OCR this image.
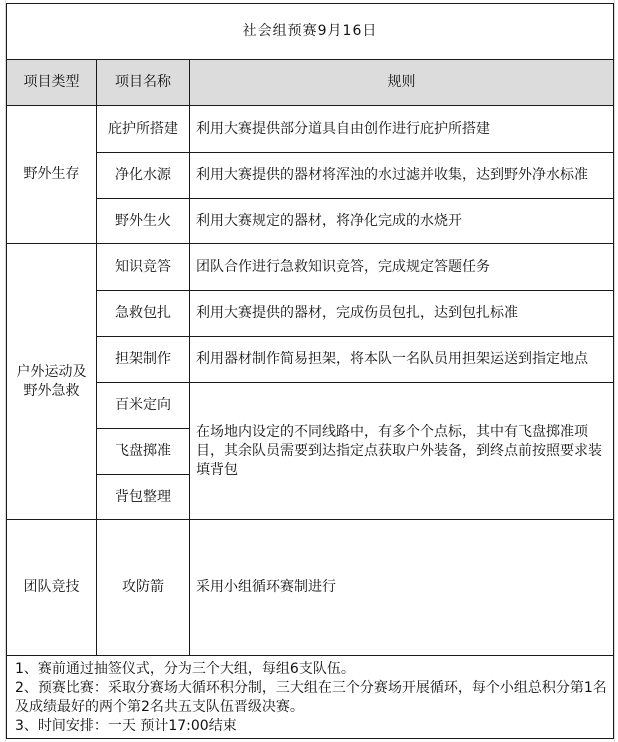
社会组预赛9月16日		
项目类型	项目名称	规则
野外生存	庇护所搭建	利用大赛提供部分道具自由创作进行庇护所搭建
	净化水源	利用大赛提供的器材将浑浊的水过滤并收集，达到野外净水标准
	野外生火	利用大赛规定的器材，将净化完成的水烧开
户外运动及野外急救	知识竞答	团队合作进行急救知识竞答，完成规定答题任务
	急救包扎	利用大赛提供的器材，完成伤员包扎，达到包扎标准
	担架制作	利用器材制作简易担架，将本队一名队员用担架运送到指定地点
	百米定向	在场地内设定的不同线路中，有多个个点标，其中有飞盘掷准项目，其余队员需要到达指定点获取户外装备，到终点前按照要求装填背包
	飞盘掷准	
	背包整理	
团队竞技	攻防箭	采用小组循环赛制进行

1、赛前通过抽签仪式，分为三个大组，每组6支队伍。
2、预赛比赛：采取分赛场大循环积分制，三大组在三个分赛场开展循环，每个小组总积分第1名及成绩最好的两个第2名共五支队伍晋级决赛。
3、时间安排：一天 预计17:00结束		
